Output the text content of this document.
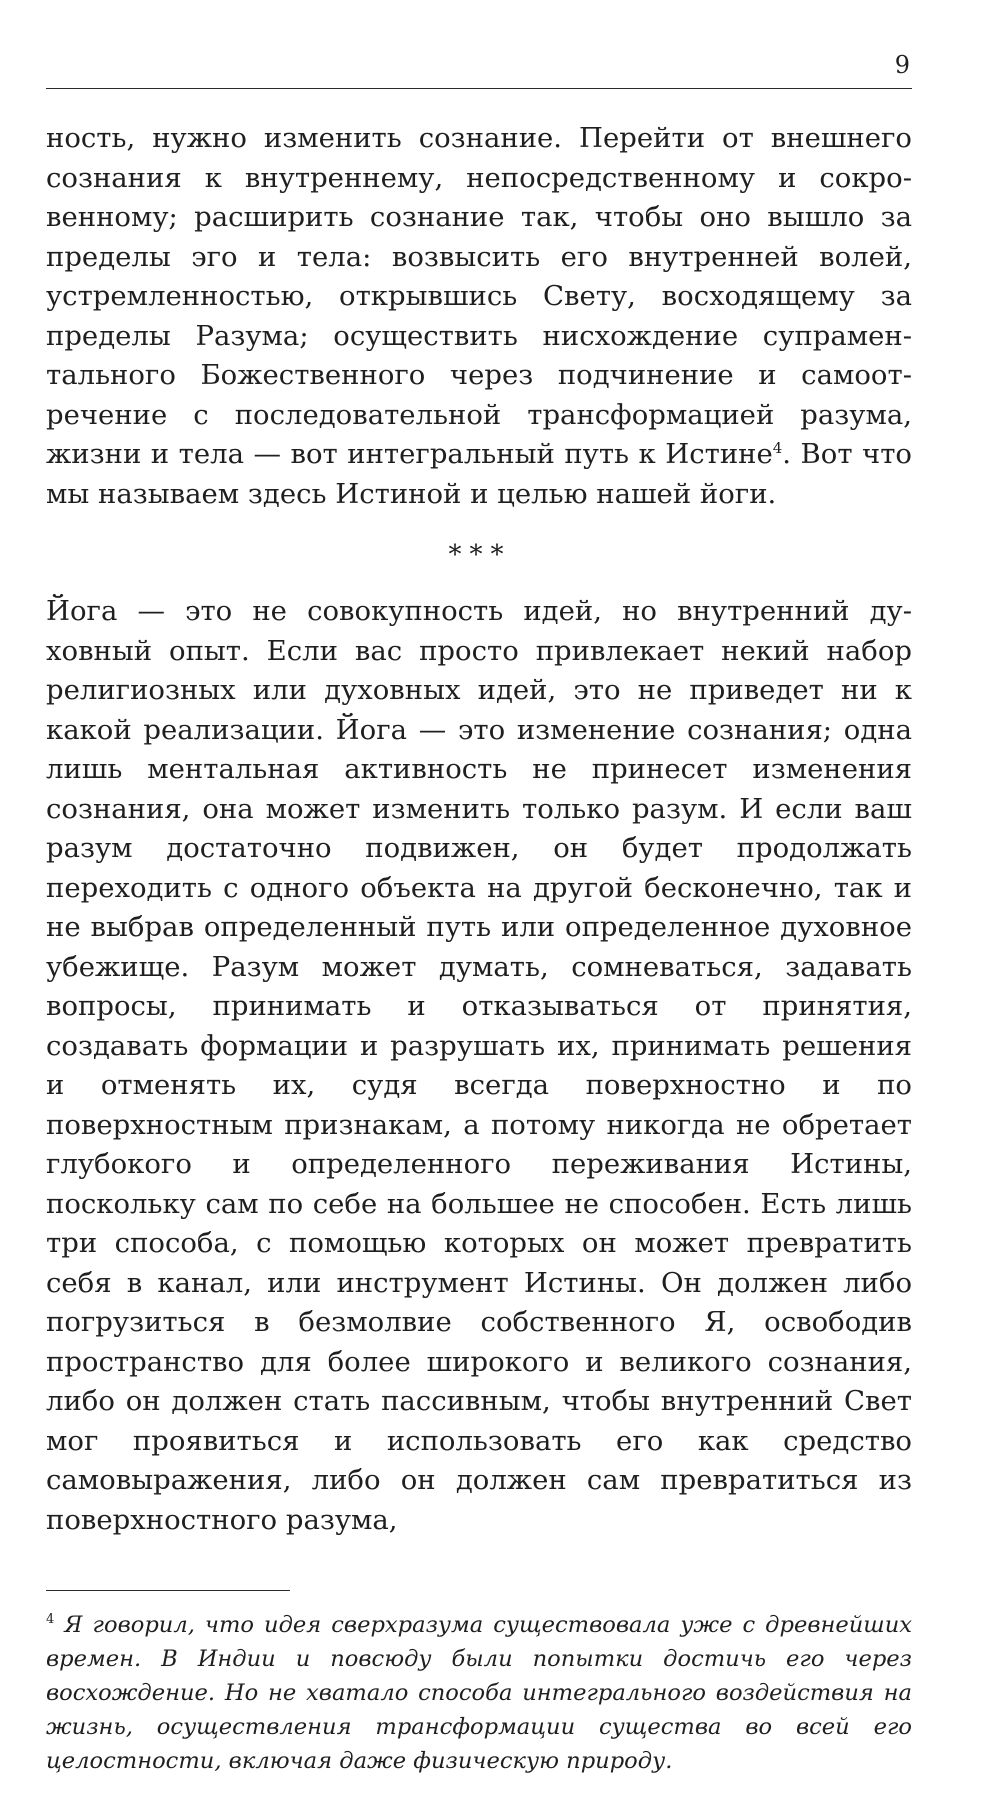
9

ность, нужно изменить сознание. Перейти от внешнего сознания к внутреннему, непосредственному и сокровенному; расширить сознание так, чтобы оно вышло за пределы эго и тела: возвысить его внутренней волей, устремленностью, открывшись Свету, восходящему за пределы Разума; осуществить нисхождение супраментального Божественного через подчинение и самоотречение с последовательной трансформацией разума, жизни и тела — вот интегральный путь к Истине$^4$. Вот что мы называем здесь Истиной и целью нашей йоги.

***

Йога — это не совокупность идей, но внутренний духовный опыт. Если вас просто привлекает некий набор религиозных или духовных идей, это не приведет ни к какой реализации. Йога — это изменение сознания; одна лишь ментальная активность не принесет изменения сознания, она может изменить только разум. И если ваш разум достаточно подвижен, он будет продолжать переходить с одного объекта на другой бесконечно, так и не выбрав определенный путь или определенное духовное убежище. Разум может думать, сомневаться, задавать вопросы, принимать и отказываться от принятия, создавать формации и разрушать их, принимать решения и отменять их, судя всегда поверхностно и по поверхностным признакам, а потому никогда не обретает глубокого и определенного переживания Истины, поскольку сам по себе на большее не способен. Есть лишь три способа, с помощью которых он может превратить себя в канал, или инструмент Истины. Он должен либо погрузиться в безмолвие собственного Я, освободив пространство для более широкого и великого сознания, либо он должен стать пассивным, чтобы внутренний Свет мог проявиться и использовать его как средство самовыражения, либо он должен сам превратиться из поверхностного разума,

$^4$ Я говорил, что идея сверхразума существовала уже с древнейших времен. В Индии и повсюду были попытки достичь его через восхождение. Но не хватало способа интегрального воздействия на жизнь, осуществления трансформации существа во всей его целостности, включая даже физическую природу.
